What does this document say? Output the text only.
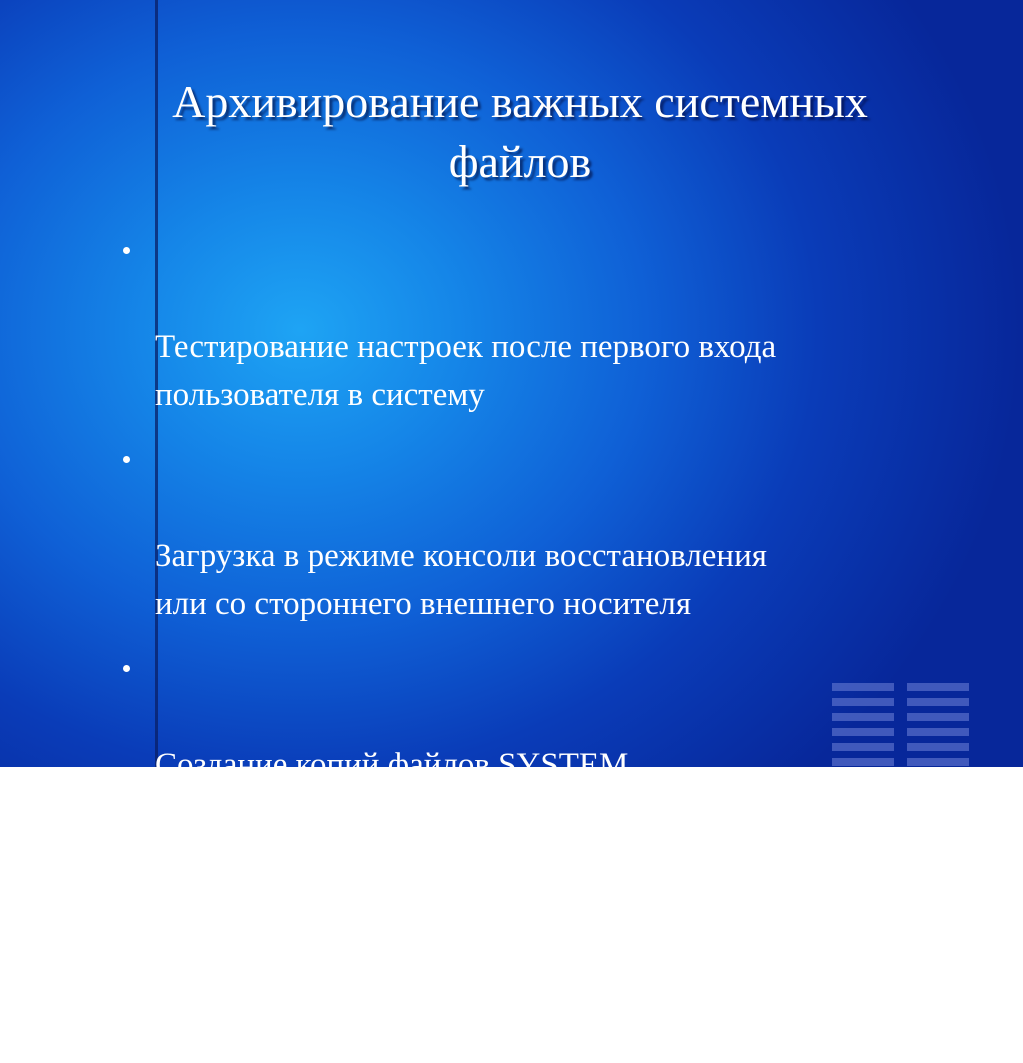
Архивирование важных системных
файлов

Тестирование настроек после первого входа
пользователя в систему

Загрузка в режиме консоли восстановления
или со стороннего внешнего носителя

Создание копий файлов SYSTEM,
SOFTWARE, DEFAULT, SAM, SECURITY

Создание копий MBR, MFT, системного
раздела или диска целиком
